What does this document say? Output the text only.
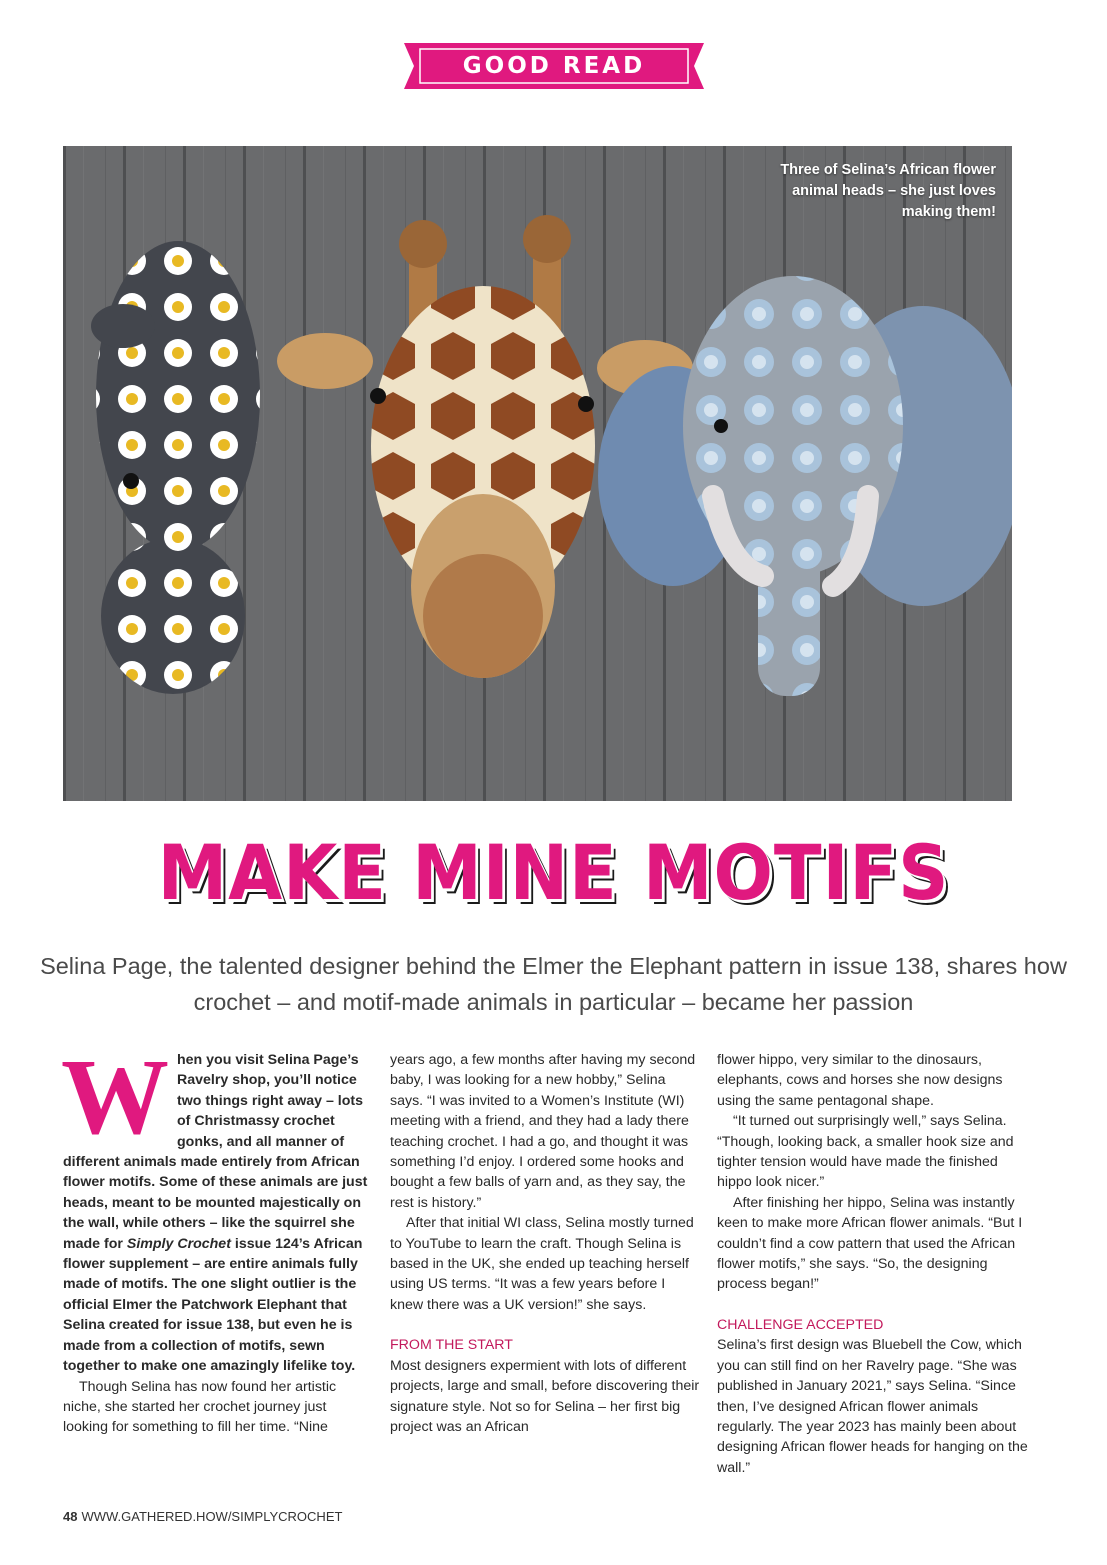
GOOD READ
Three of Selina’s African flower animal heads – she just loves making them!
MAKE MINE MOTIFS
Selina Page, the talented designer behind the Elmer the Elephant pattern in issue 138, shares how crochet – and motif-made animals in particular – became her passion

When you visit Selina Page’s Ravelry shop, you’ll notice two things right away – lots of Christmassy crochet gonks, and all manner of different animals made entirely from African flower motifs. Some of these animals are just heads, meant to be mounted majestically on the wall, while others – like the squirrel she made for Simply Crochet issue 124’s African flower supplement – are entire animals fully made of motifs. The one slight outlier is the official Elmer the Patchwork Elephant that Selina created for issue 138, but even he is made from a collection of motifs, sewn together to make one amazingly lifelike toy.

Though Selina has now found her artistic niche, she started her crochet journey just looking for something to fill her time. “Nine

years ago, a few months after having my second baby, I was looking for a new hobby,” Selina says. “I was invited to a Women’s Institute (WI) meeting with a friend, and they had a lady there teaching crochet. I had a go, and thought it was something I’d enjoy. I ordered some hooks and bought a few balls of yarn and, as they say, the rest is history.”

After that initial WI class, Selina mostly turned to YouTube to learn the craft. Though Selina is based in the UK, she ended up teaching herself using US terms. “It was a few years before I knew there was a UK version!” she says.

FROM THE START

Most designers expermient with lots of different projects, large and small, before discovering their signature style. Not so for Selina – her first big project was an African

flower hippo, very similar to the dinosaurs, elephants, cows and horses she now designs using the same pentagonal shape.

“It turned out surprisingly well,” says Selina. “Though, looking back, a smaller hook size and tighter tension would have made the finished hippo look nicer.”

After finishing her hippo, Selina was instantly keen to make more African flower animals. “But I couldn’t find a cow pattern that used the African flower motifs,” she says. “So, the designing process began!”

CHALLENGE ACCEPTED

Selina’s first design was Bluebell the Cow, which you can still find on her Ravelry page. “She was published in January 2021,” says Selina. “Since then, I’ve designed African flower animals regularly. The year 2023 has mainly been about designing African flower heads for hanging on the wall.”

48 WWW.GATHERED.HOW/SIMPLYCROCHET
